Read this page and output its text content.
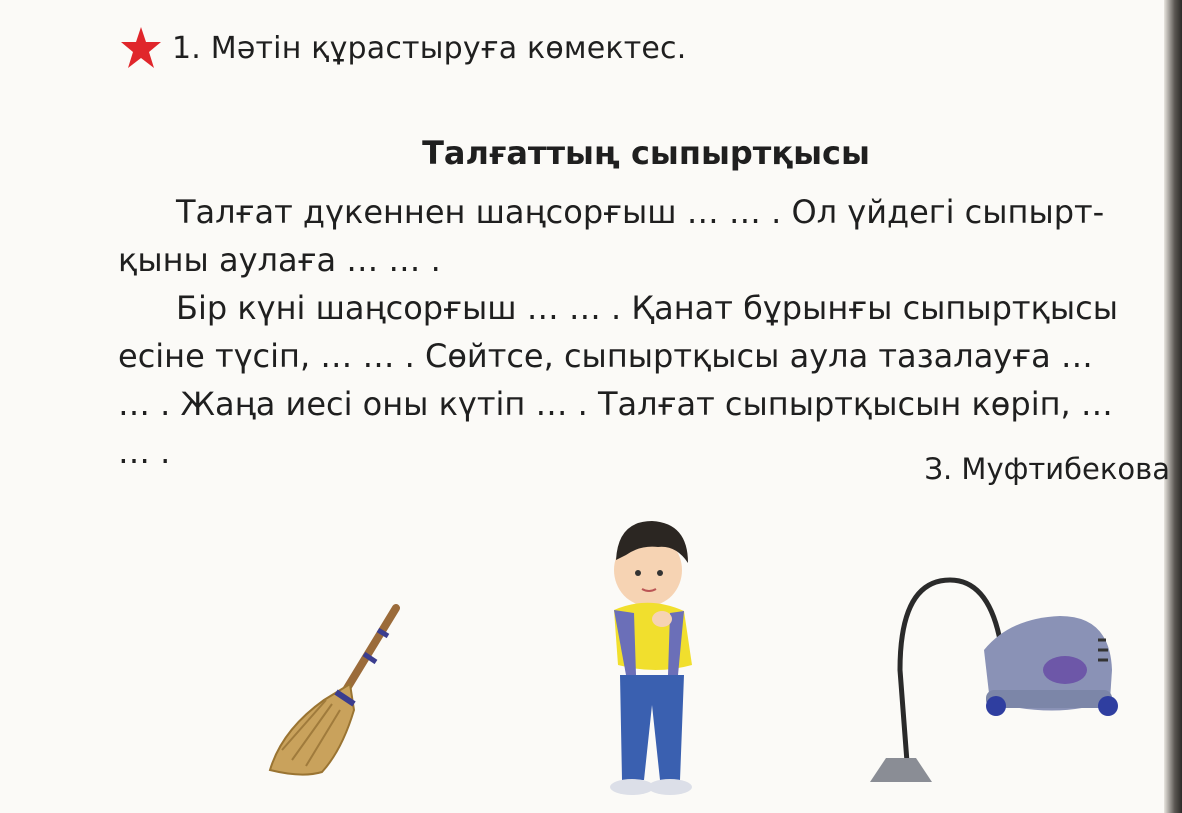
1. Мәтін құрастыруға көмектес.
Талғаттың сыпыртқысы

Талғат дүкеннен шаңсорғыш … … . Ол үйдегі сыпырт-
қыны аулаға … … .

Бір күні шаңсорғыш … … . Қанат бұрынғы сыпыртқысы
есіне түсіп, … … . Сөйтсе, сыпыртқысы аула тазалауға …
… . Жаңа иесі оны күтіп … . Талғат сыпыртқысын көріп, …
… .	З. Муфтибекова
